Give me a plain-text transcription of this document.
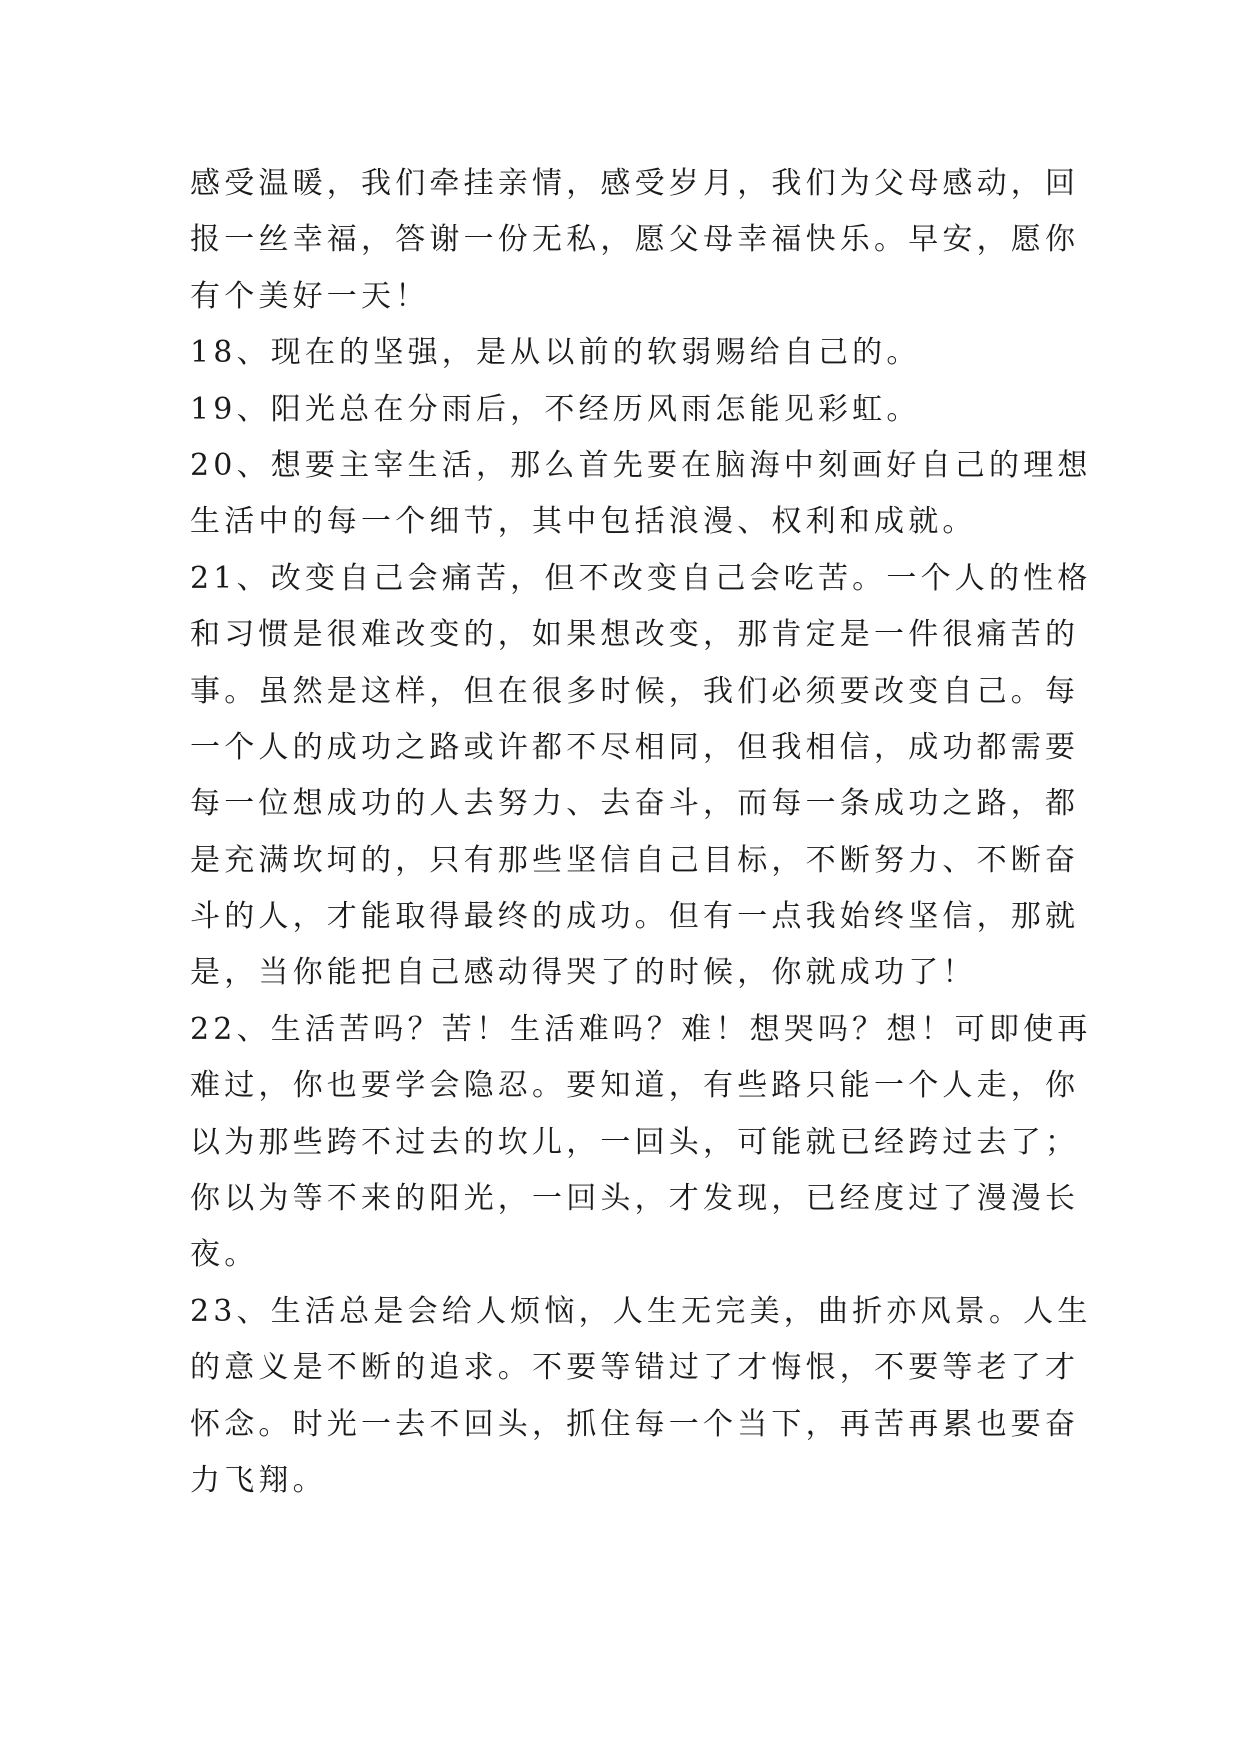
感受温暖，我们牵挂亲情，感受岁月，我们为父母感动，回
报一丝幸福，答谢一份无私，愿父母幸福快乐。早安，愿你
有个美好一天！
18、现在的坚强，是从以前的软弱赐给自己的。
19、阳光总在分雨后，不经历风雨怎能见彩虹。
20、想要主宰生活，那么首先要在脑海中刻画好自己的理想
生活中的每一个细节，其中包括浪漫、权利和成就。
21、改变自己会痛苦，但不改变自己会吃苦。一个人的性格
和习惯是很难改变的，如果想改变，那肯定是一件很痛苦的
事。虽然是这样，但在很多时候，我们必须要改变自己。每
一个人的成功之路或许都不尽相同，但我相信，成功都需要
每一位想成功的人去努力、去奋斗，而每一条成功之路，都
是充满坎坷的，只有那些坚信自己目标，不断努力、不断奋
斗的人，才能取得最终的成功。但有一点我始终坚信，那就
是，当你能把自己感动得哭了的时候，你就成功了！
22、生活苦吗？苦！生活难吗？难！想哭吗？想！可即使再
难过，你也要学会隐忍。要知道，有些路只能一个人走，你
以为那些跨不过去的坎儿，一回头，可能就已经跨过去了；
你以为等不来的阳光，一回头，才发现，已经度过了漫漫长
夜。
23、生活总是会给人烦恼，人生无完美，曲折亦风景。人生
的意义是不断的追求。不要等错过了才悔恨，不要等老了才
怀念。时光一去不回头，抓住每一个当下，再苦再累也要奋
力飞翔。
